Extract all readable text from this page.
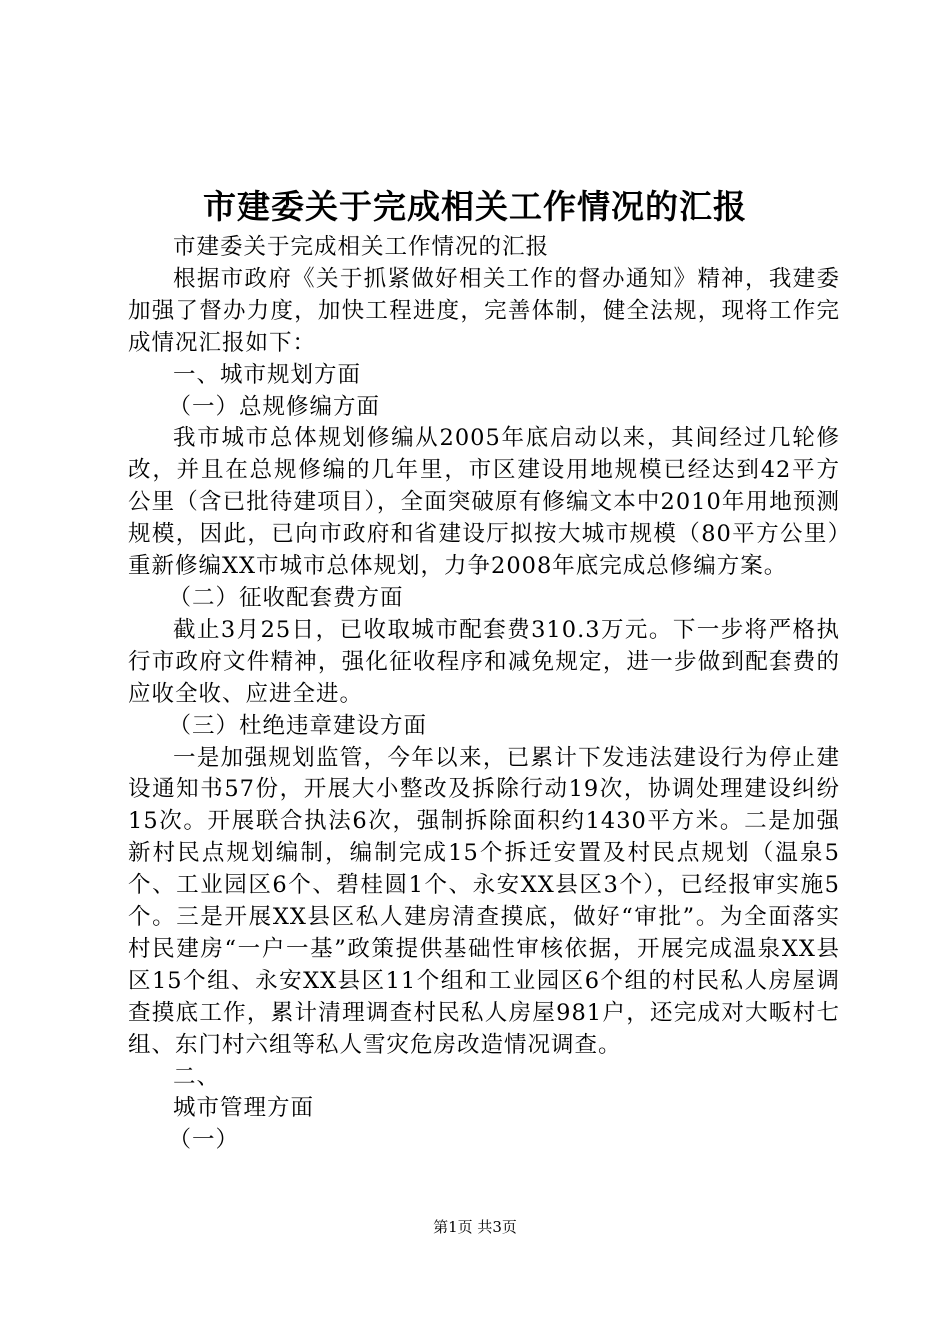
市建委关于完成相关工作情况的汇报

市建委关于完成相关工作情况的汇报

根据市政府《关于抓紧做好相关工作的督办通知》精神，我建委加强了督办力度，加快工程进度，完善体制，健全法规，现将工作完成情况汇报如下：

一、城市规划方面

（一）总规修编方面

我市城市总体规划修编从2005年底启动以来，其间经过几轮修改，并且在总规修编的几年里，市区建设用地规模已经达到42平方公里（含已批待建项目），全面突破原有修编文本中2010年用地预测规模，因此，已向市政府和省建设厅拟按大城市规模（80平方公里）重新修编XX市城市总体规划，力争2008年底完成总修编方案。

（二）征收配套费方面

截止3月25日，已收取城市配套费310.3万元。下一步将严格执行市政府文件精神，强化征收程序和减免规定，进一步做到配套费的应收全收、应进全进。

（三）杜绝违章建设方面

一是加强规划监管，今年以来，已累计下发违法建设行为停止建设通知书57份，开展大小整改及拆除行动19次，协调处理建设纠纷15次。开展联合执法6次，强制拆除面积约1430平方米。二是加强新村民点规划编制，编制完成15个拆迁安置及村民点规划（温泉5个、工业园区6个、碧桂圆1个、永安XX县区3个），已经报审实施5个。三是开展XX县区私人建房清查摸底，做好“审批”。为全面落实村民建房“一户一基”政策提供基础性审核依据，开展完成温泉XX县区15个组、永安XX县区11个组和工业园区6个组的村民私人房屋调查摸底工作，累计清理调查村民私人房屋981户，还完成对大畈村七组、东门村六组等私人雪灾危房改造情况调查。

二、

城市管理方面

（一）

第1页 共3页
